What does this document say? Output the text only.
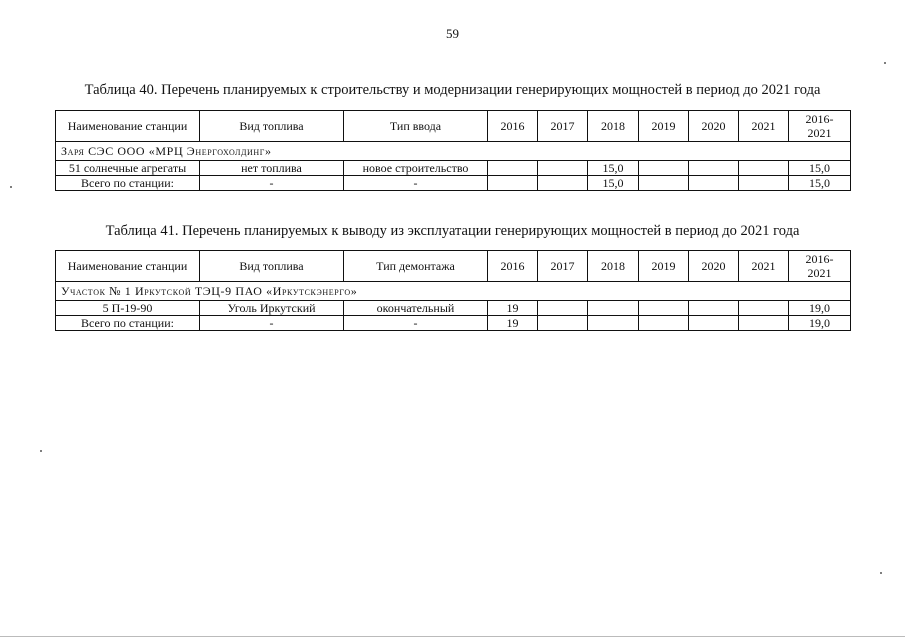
59
Таблица 40. Перечень планируемых к строительству и модернизации генерирующих мощностей в период до 2021 года
Наименование станции	Вид топлива	Тип ввода	2016	2017	2018	2019	2020	2021	2016-
2021
Заря СЭС ООО «МРЦ Энергохолдинг»									
51 солнечные агрегаты	нет топлива	новое строительство			15,0				15,0
Всего по станции:	-	-			15,0				15,0
Таблица 41. Перечень планируемых к выводу из эксплуатации генерирующих мощностей в период до 2021 года
Наименование станции	Вид топлива	Тип демонтажа	2016	2017	2018	2019	2020	2021	2016-
2021
Участок № 1 Иркутской ТЭЦ-9 ПАО «Иркутскэнерго»									
5 П-19-90	Уголь Иркутский	окончательный	19						19,0
Всего по станции:	-	-	19						19,0
